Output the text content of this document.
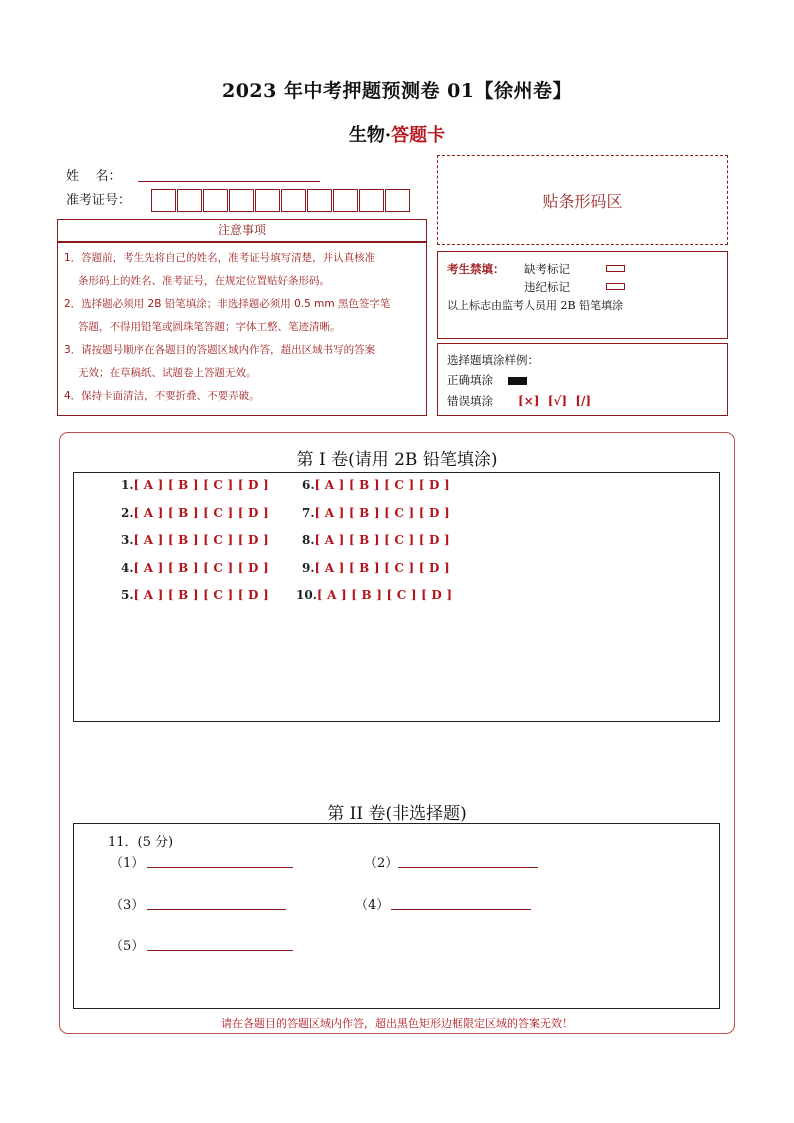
2023 年中考押题预测卷 01【徐州卷】
生物·答题卡
姓    名：
准考证号：	贴条形码区
注意事项
1．答题前，考生先将自己的姓名，准考证号填写清楚，并认真核准
条形码上的姓名、准考证号，在规定位置贴好条形码。
2．选择题必须用 2B 铅笔填涂；非选择题必须用 0.5 mm 黑色签字笔
答题，不得用铅笔或圆珠笔答题；字体工整、笔迹清晰。
3．请按题号顺序在各题目的答题区域内作答，超出区域书写的答案
无效；在草稿纸、试题卷上答题无效。
4．保持卡面清洁，不要折叠、不要弄破。
考生禁填： 缺考标记
违纪标记
以上标志由监考人员用 2B 铅笔填涂
选择题填涂样例：
正确填涂
错误填涂 [×]  [√]  [/]
第 I 卷(请用 2B 铅笔填涂)
1.[ A ] [ B ] [ C ] [ D ]
2.[ A ] [ B ] [ C ] [ D ]
3.[ A ] [ B ] [ C ] [ D ]
4.[ A ] [ B ] [ C ] [ D ]
5.[ A ] [ B ] [ C ] [ D ]
6.[ A ] [ B ] [ C ] [ D ]
7.[ A ] [ B ] [ C ] [ D ]
8.[ A ] [ B ] [ C ] [ D ]
9.[ A ] [ B ] [ C ] [ D ]
10.[ A ] [ B ] [ C ] [ D ]
第 II 卷(非选择题)
11．(5 分)
（1）	（2）
（3）	（4）
（5）
请在各题目的答题区域内作答，超出黑色矩形边框限定区域的答案无效！
